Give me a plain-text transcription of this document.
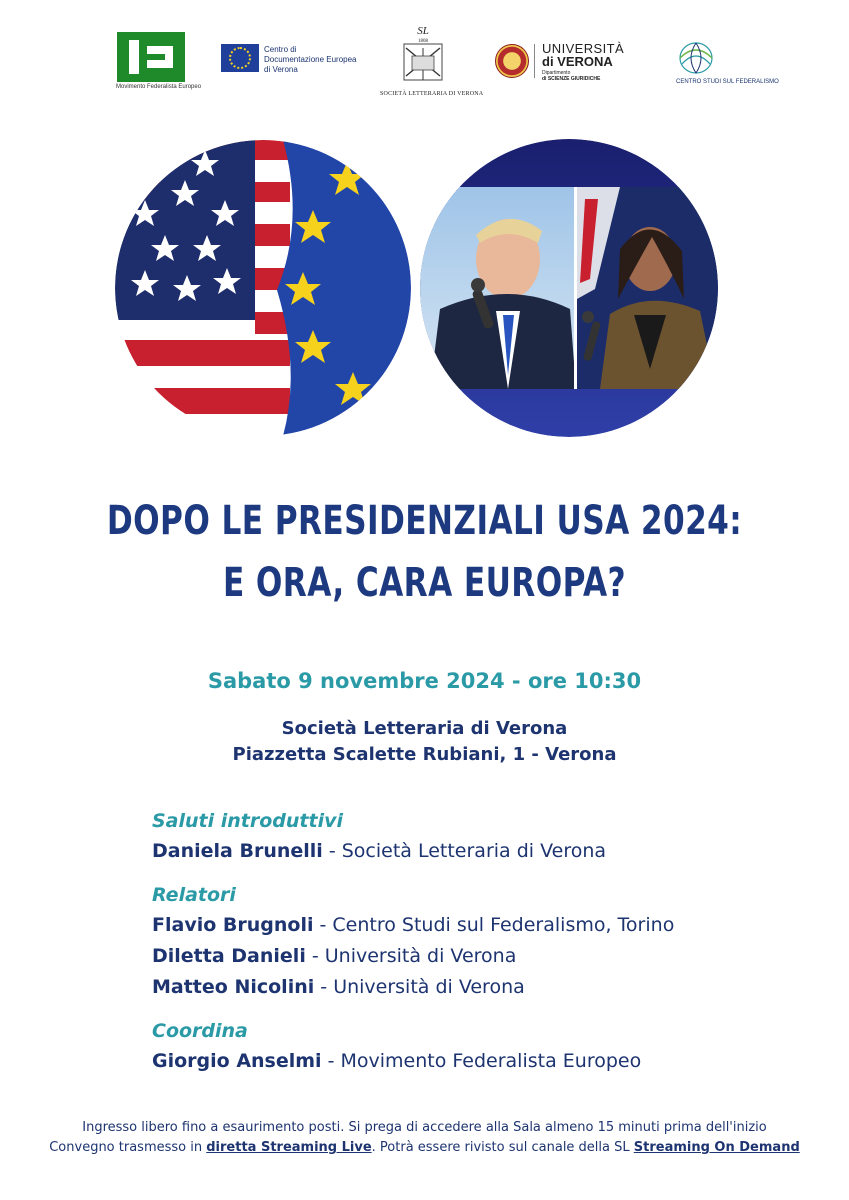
Movimento Federalista Europeo
Centro di
Documentazione Europea
di Verona
SL
1808
SOCIETÀ LETTERARIA DI VERONA
UNIVERSITÀ
di VERONA
Dipartimento
di SCIENZE GIURIDICHE	CENTRO STUDI SUL FEDERALISMO
DOPO LE PRESIDENZIALI USA 2024:
E ORA, CARA EUROPA?
Sabato 9 novembre 2024 - ore 10:30
Società Letteraria di Verona
Piazzetta Scalette Rubiani, 1 - Verona
Saluti introduttivi
Daniela Brunelli - Società Letteraria di Verona
Relatori
Flavio Brugnoli - Centro Studi sul Federalismo, Torino
Diletta Danieli - Università di Verona
Matteo Nicolini - Università di Verona
Coordina
Giorgio Anselmi - Movimento Federalista Europeo
Ingresso libero fino a esaurimento posti. Si prega di accedere alla Sala almeno 15 minuti prima dell'inizio
Convegno trasmesso in diretta Streaming Live. Potrà essere rivisto sul canale della SL Streaming On Demand
